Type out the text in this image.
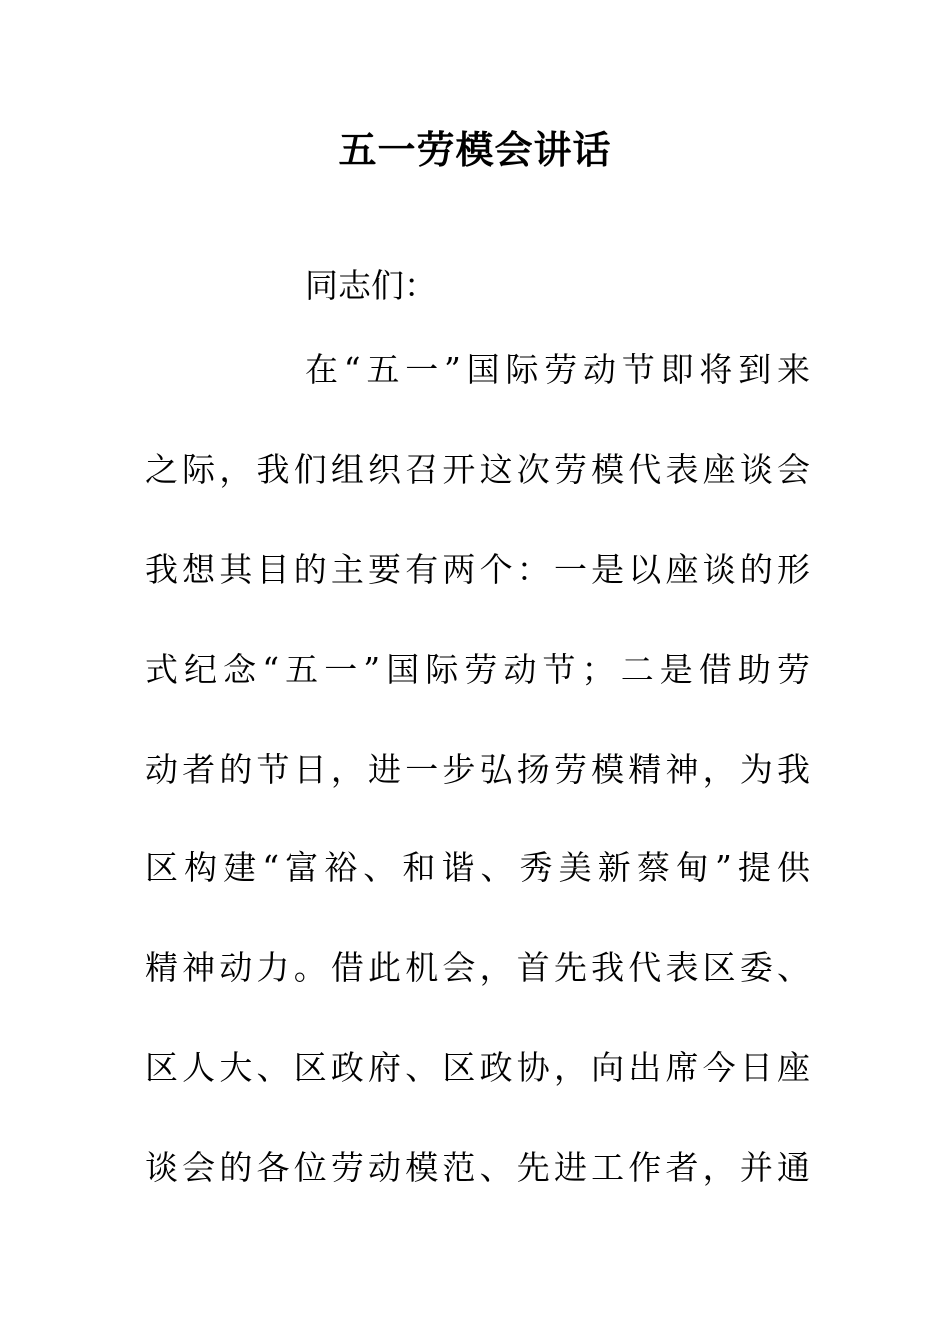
五一劳模会讲话
同志们：
在“五一”国际劳动节即将到来
之际，我们组织召开这次劳模代表座谈会
我想其目的主要有两个：一是以座谈的形
式纪念“五一”国际劳动节；二是借助劳
动者的节日，进一步弘扬劳模精神，为我
区构建“富裕、和谐、秀美新蔡甸”提供
精神动力。借此机会，首先我代表区委、
区人大、区政府、区政协，向出席今日座
谈会的各位劳动模范、先进工作者，并通
